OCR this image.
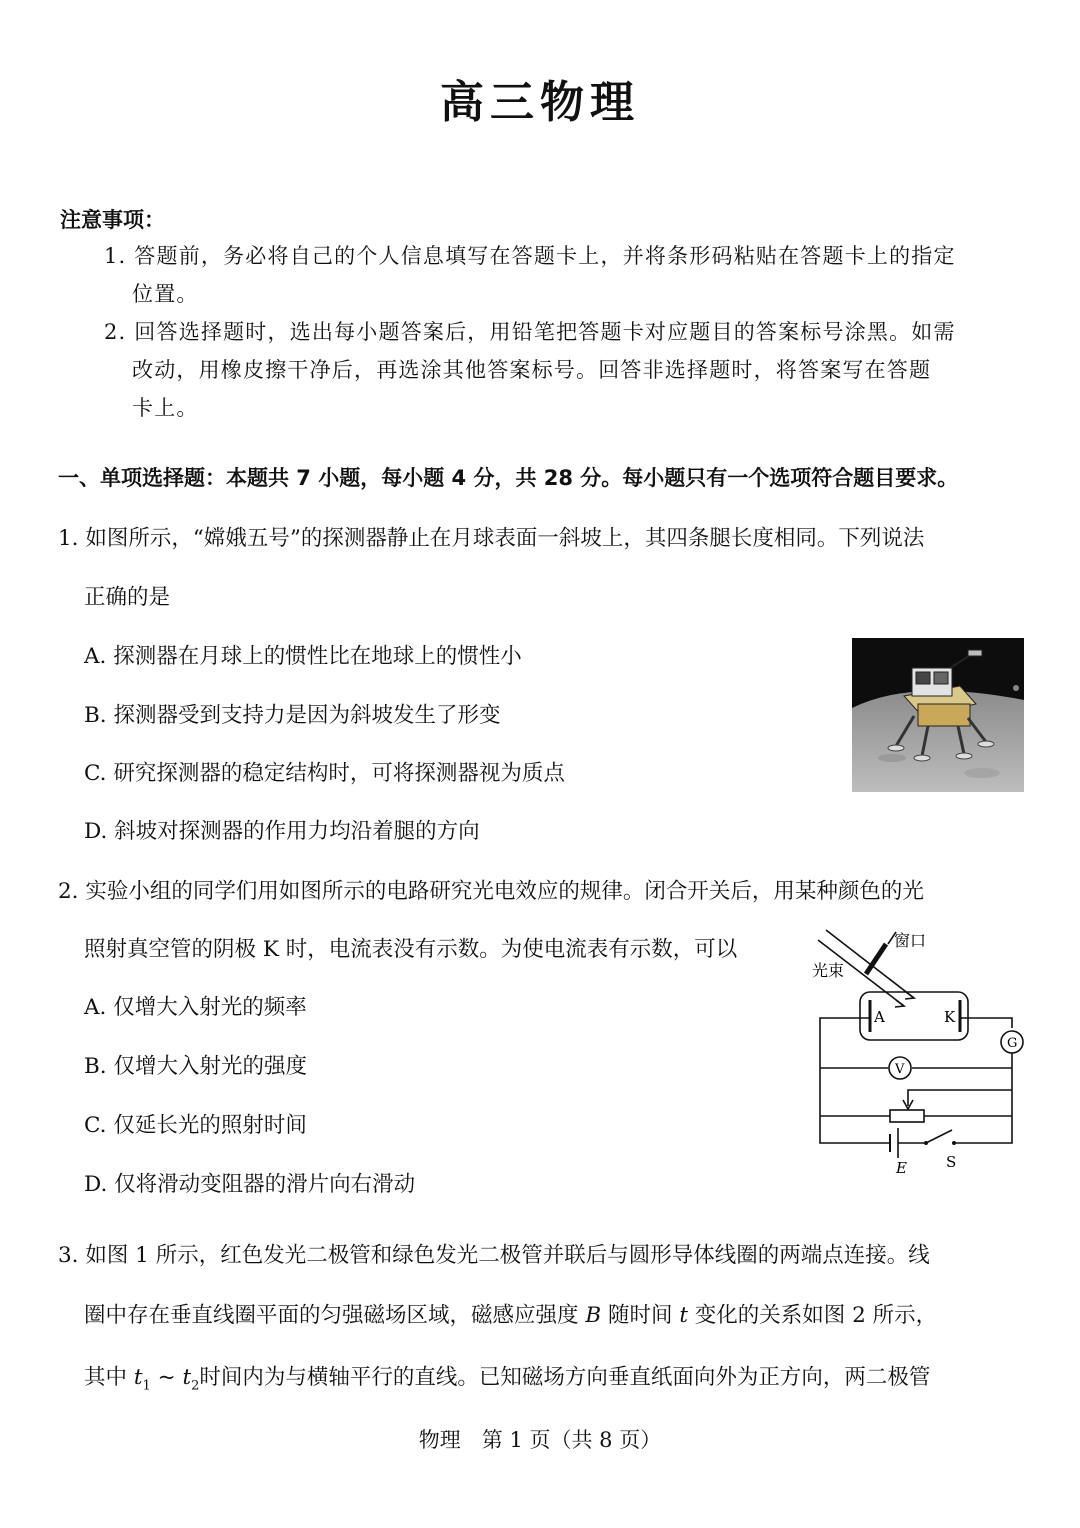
高三物理
注意事项：
1. 答题前，务必将自己的个人信息填写在答题卡上，并将条形码粘贴在答题卡上的指定
位置。
2. 回答选择题时，选出每小题答案后，用铅笔把答题卡对应题目的答案标号涂黑。如需
改动，用橡皮擦干净后，再选涂其他答案标号。回答非选择题时，将答案写在答题
卡上。
一、单项选择题：本题共 7 小题，每小题 4 分，共 28 分。每小题只有一个选项符合题目要求。
1. 如图所示，“嫦娥五号”的探测器静止在月球表面一斜坡上，其四条腿长度相同。下列说法
正确的是
A. 探测器在月球上的惯性比在地球上的惯性小
B. 探测器受到支持力是因为斜坡发生了形变
C. 研究探测器的稳定结构时，可将探测器视为质点
D. 斜坡对探测器的作用力均沿着腿的方向
2. 实验小组的同学们用如图所示的电路研究光电效应的规律。闭合开关后，用某种颜色的光
照射真空管的阴极 K 时，电流表没有示数。为使电流表有示数，可以
A. 仅增大入射光的频率
B. 仅增大入射光的强度
C. 仅延长光的照射时间
D. 仅将滑动变阻器的滑片向右滑动
窗口
光束
A	K
G
V
E	S
3. 如图 1 所示，红色发光二极管和绿色发光二极管并联后与圆形导体线圈的两端点连接。线
圈中存在垂直线圈平面的匀强磁场区域，磁感应强度 B 随时间 t 变化的关系如图 2 所示，
其中 $t_1$ ~ $t_2$时间内为与横轴平行的直线。已知磁场方向垂直纸面向外为正方向，两二极管
物理　第 1 页（共 8 页）
